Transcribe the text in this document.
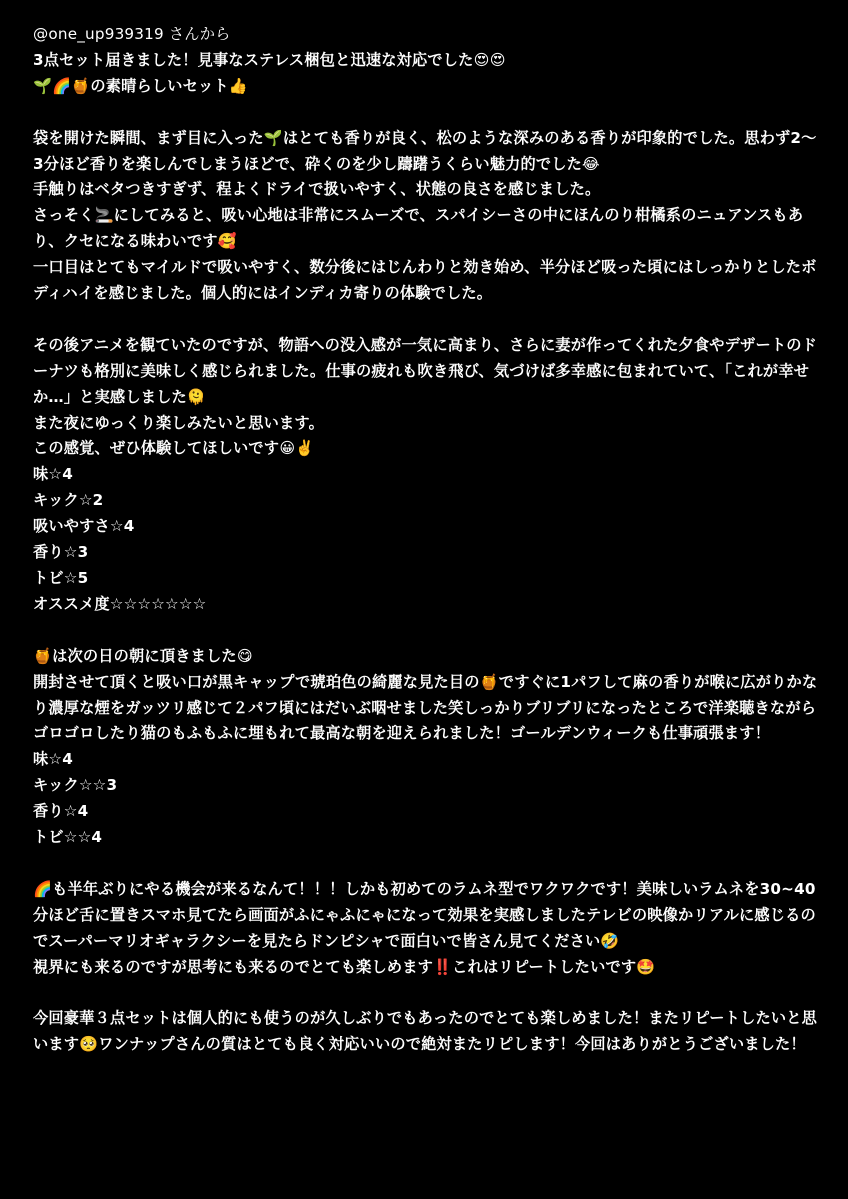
@one_up939319 さんから
3点セット届きました！見事なステレス梱包と迅速な対応でした😍😍
🌱🌈🍯の素晴らしいセット👍
袋を開けた瞬間、まず目に入った🌱はとても香りが良く、松のような深みのある香りが印象的でした。思わず2〜3分ほど香りを楽しんでしまうほどで、砕くのを少し躊躇うくらい魅力的でした😂
手触りはベタつきすぎず、程よくドライで扱いやすく、状態の良さを感じました。
さっそく🚬にしてみると、吸い心地は非常にスムーズで、スパイシーさの中にほんのり柑橘系のニュアンスもあり、クセになる味わいです🥰
一口目はとてもマイルドで吸いやすく、数分後にはじんわりと効き始め、半分ほど吸った頃にはしっかりとしたボディハイを感じました。個人的にはインディカ寄りの体験でした。
その後アニメを観ていたのですが、物語への没入感が一気に高まり、さらに妻が作ってくれた夕食やデザートのドーナツも格別に美味しく感じられました。仕事の疲れも吹き飛び、気づけば多幸感に包まれていて、「これが幸せか…」と実感しました🫠
また夜にゆっくり楽しみたいと思います。
この感覚、ぜひ体験してほしいです😀✌️
味☆4
キック☆2
吸いやすさ☆4
香り☆3
トビ☆5
オススメ度☆☆☆☆☆☆☆
🍯は次の日の朝に頂きました😋
開封させて頂くと吸い口が黒キャップで琥珀色の綺麗な見た目の🍯ですぐに1パフして麻の香りが喉に広がりかなり濃厚な煙をガッツリ感じて２パフ頃にはだいぶ咽せました笑しっかりブリブリになったところで洋楽聴きながらゴロゴロしたり猫のもふもふに埋もれて最高な朝を迎えられました！ゴールデンウィークも仕事頑張ます！
味☆4
キック☆☆3
香り☆4
トビ☆☆4
🌈も半年ぶりにやる機会が来るなんて！！！しかも初めてのラムネ型でワクワクです！美味しいラムネを30~40分ほど舌に置きスマホ見てたら画面がふにゃふにゃになって効果を実感しましたテレビの映像かリアルに感じるのでスーパーマリオギャラクシーを見たらドンピシャで面白いで皆さん見てください🤣
視界にも来るのですが思考にも来るのでとても楽しめます‼️これはリピートしたいです🤩
今回豪華３点セットは個人的にも使うのが久しぶりでもあったのでとても楽しめました！またリピートしたいと思います🥺ワンナップさんの質はとても良く対応いいので絶対またリピします！今回はありがとうございました！
